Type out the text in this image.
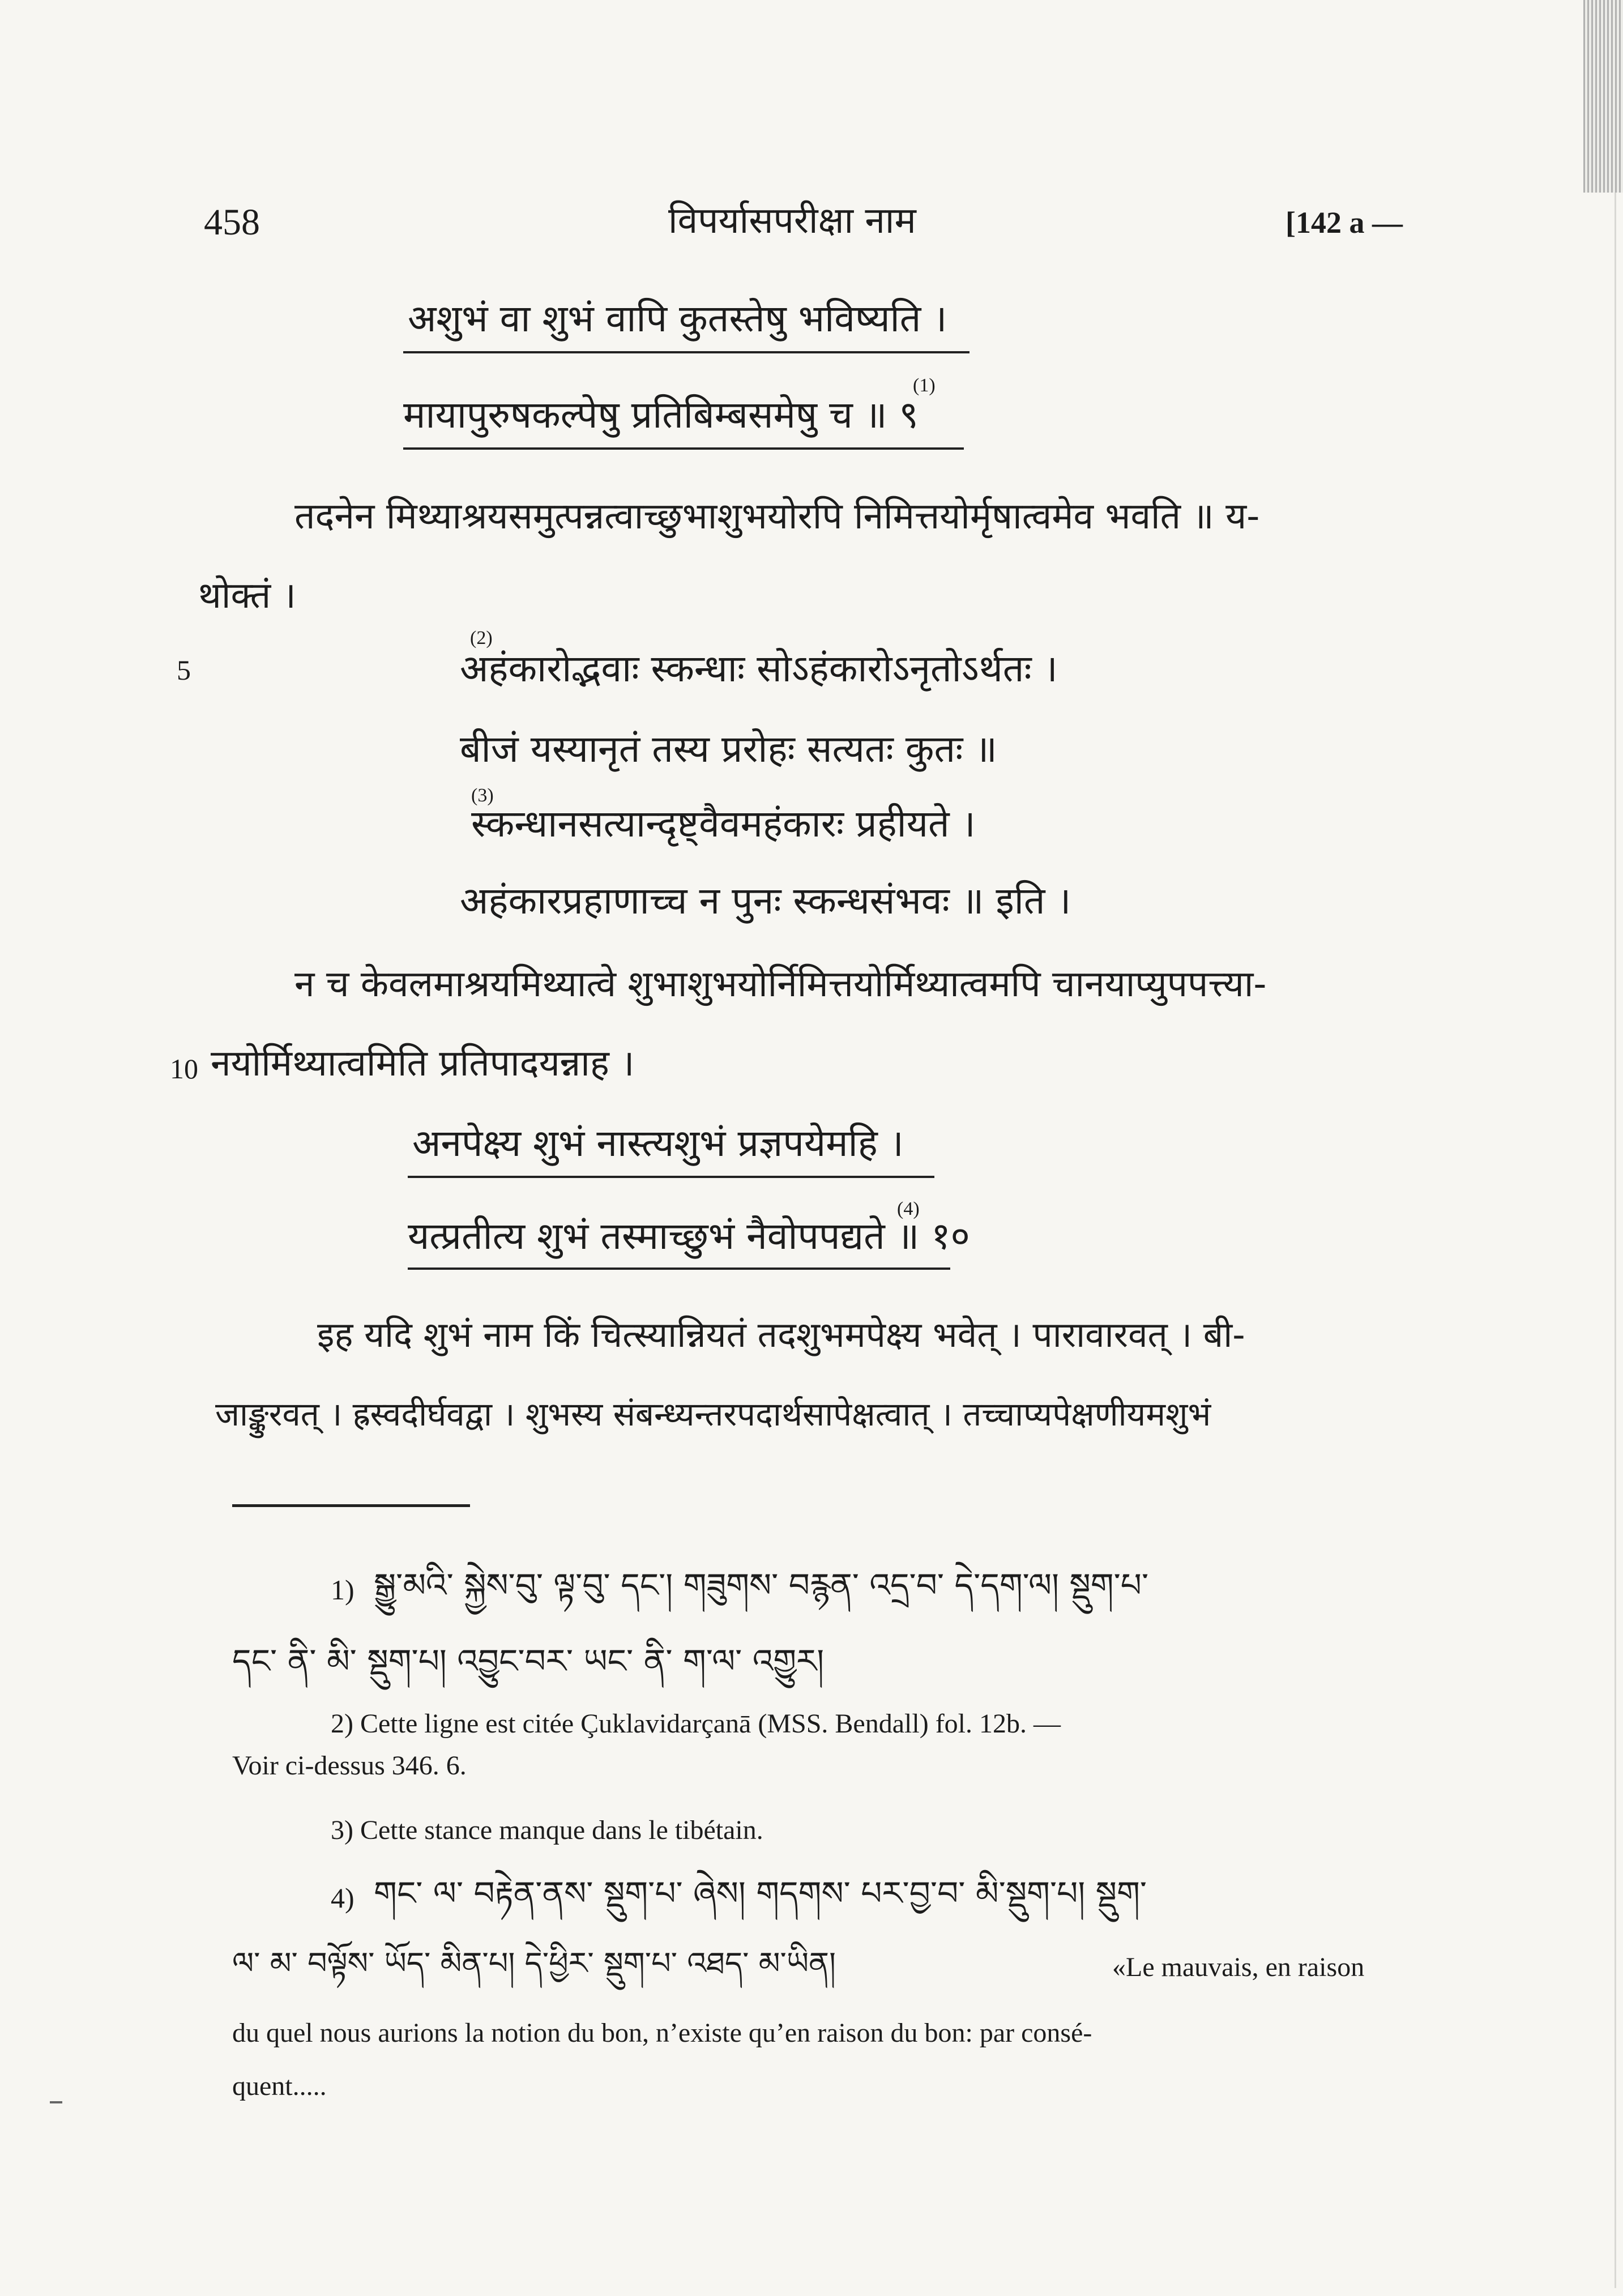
458	विपर्यासपरीक्षा नाम	[142 a —
अशुभं वा शुभं वापि कुतस्तेषु भविष्यति ।
(1)
मायापुरुषकल्पेषु प्रतिबिम्बसमेषु च ॥ ९
तदनेन मिथ्याश्रयसमुत्पन्नत्वाच्छुभाशुभयोरपि निमित्तयोर्मृषात्वमेव भवति ॥ य-
थोक्तं ।
5
(2)
अहंकारोद्भवाः स्कन्धाः सोऽहंकारोऽनृतोऽर्थतः ।
बीजं यस्यानृतं तस्य प्ररोहः सत्यतः कुतः ॥
(3)
स्कन्धानसत्यान्दृष्ट्वैवमहंकारः प्रहीयते ।
अहंकारप्रहाणाच्च न पुनः स्कन्धसंभवः ॥ इति ।
न च केवलमाश्रयमिथ्यात्वे शुभाशुभयोर्निमित्तयोर्मिथ्यात्वमपि चानयाप्युपपत्त्या-
10 नयोर्मिथ्यात्वमिति प्रतिपादयन्नाह ।
अनपेक्ष्य शुभं नास्त्यशुभं प्रज्ञपयेमहि ।
(4)
यत्प्रतीत्य शुभं तस्माच्छुभं नैवोपपद्यते ॥ १०
इह यदि शुभं नाम किं चित्स्यान्नियतं तदशुभमपेक्ष्य भवेत् । पारावारवत् । बी-
जाङ्कुरवत् । ह्रस्वदीर्घवद्वा । शुभस्य संबन्ध्यन्तरपदार्थसापेक्षत्वात् । तच्चाप्यपेक्षणीयमशुभं
1) སྒྱུ་མའི་ སྐྱེས་བུ་ ལྟ་བུ་ དང་། གཟུགས་ བརྙན་ འདྲ་བ་ དེ་དག་ལ། སྡུག་པ་
དང་ ནི་ མི་ སྡུག་པ། འབྱུང་བར་ ཡང་ ནི་ ག་ལ་ འགྱུར།
2) Cette ligne est citée Çuklavidarçanā (MSS. Bendall) fol. 12b. —
Voir ci-dessus 346. 6.
3) Cette stance manque dans le tibétain.
4) གང་ ལ་ བརྟེན་ནས་ སྡུག་པ་ ཞེས། གདགས་ པར་བྱ་བ་ མི་སྡུག་པ། སྡུག་
ལ་ མ་ བལྟོས་ ཡོད་ མིན་པ། དེ་ཕྱིར་ སྡུག་པ་ འཐད་ མ་ཡིན།	«Le mauvais, en raison
du quel nous aurions la notion du bon, n’existe qu’en raison du bon: par consé-
quent.....
